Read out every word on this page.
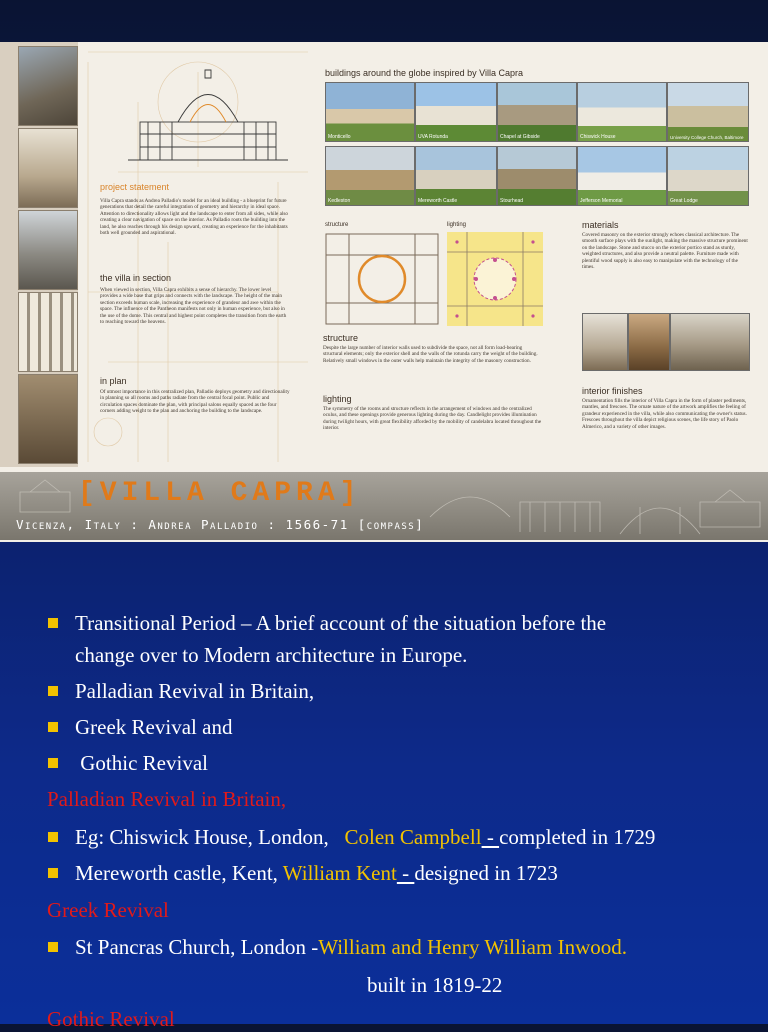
project statement

Villa Capra stands as Andrea Palladio's model for an ideal building - a blueprint for future generations that detail the careful integration of geometry and hierarchy in ideal space. Attention to directionality allows light and the landscape to enter from all sides, while also creating a clear navigation of space on the interior. As Palladio roots the building into the land, he also reaches through his design upward, creating an experience for the inhabitants both well grounded and aspirational.

the villa in section

When viewed in section, Villa Capra exhibits a sense of hierarchy. The lower level provides a wide base that grips and connects with the landscape. The height of the main section exceeds human scale, increasing the experience of grandeur and awe within the space. The influence of the Pantheon manifests not only in human experience, but also in the use of the dome. This central and highest point completes the transition from the earth to reaching toward the heavens.

in plan

Of utmost importance in this centralized plan, Palladio deploys geometry and directionality in planning so all rooms and paths radiate from the central focal point. Public and circulation spaces dominate the plan, with principal salons equally spaced as the four corners adding weight to the plan and anchoring the building to the landscape.

buildings around the globe inspired by Villa Capra

Monticello	UVA Rotunda	Chapel at Gibside	Chiswick House	University College Church, Baltimore
Kedleston	Mereworth Castle	Stourhead	Jefferson Memorial	Great Lodge
structure	lighting

structure

Despite the large number of interior walls used to subdivide the space, not all form load-bearing structural elements; only the exterior shell and the walls of the rotunda carry the weight of the building. Relatively small windows in the outer walls help maintain the integrity of the masonry construction.

lighting

The symmetry of the rooms and structure reflects in the arrangement of windows and the centralized oculus, and these openings provide generous lighting during the day. Candlelight provides illumination during twilight hours, with great flexibility afforded by the mobility of candelabra located throughout the interior.

materials

Covered masonry on the exterior strongly echoes classical architecture. The smooth surface plays with the sunlight, making the massive structure prominent on the landscape. Stone and stucco on the exterior portico stand as sturdy, weighted structures, and also provide a neutral palette. Furniture made with plentiful wood supply is also easy to manipulate with the technology of the times.

interior finishes

Ornamentation fills the interior of Villa Capra in the form of plaster pediments, mantles, and frescoes. The ornate nature of the artwork amplifies the feeling of grandeur experienced in the villa, while also communicating the owner's status. Frescoes throughout the villa depict religious scenes, the life story of Paolo Almerico, and a variety of other images.

[VILLA CAPRA]

Vicenza, Italy : Andrea Palladio : 1566-71 [compass]

Transitional Period – A brief account of the situation before the
change over to Modern architecture in Europe.
Palladian Revival in Britain,
Greek Revival and
Gothic Revival
Palladian Revival in Britain,
Eg: Chiswick House, London,   Colen Campbell - completed in 1729
Mereworth castle, Kent, William Kent - designed in 1723
Greek Revival
St Pancras Church, London -William and Henry William Inwood.
built in 1819-22
Gothic Revival
